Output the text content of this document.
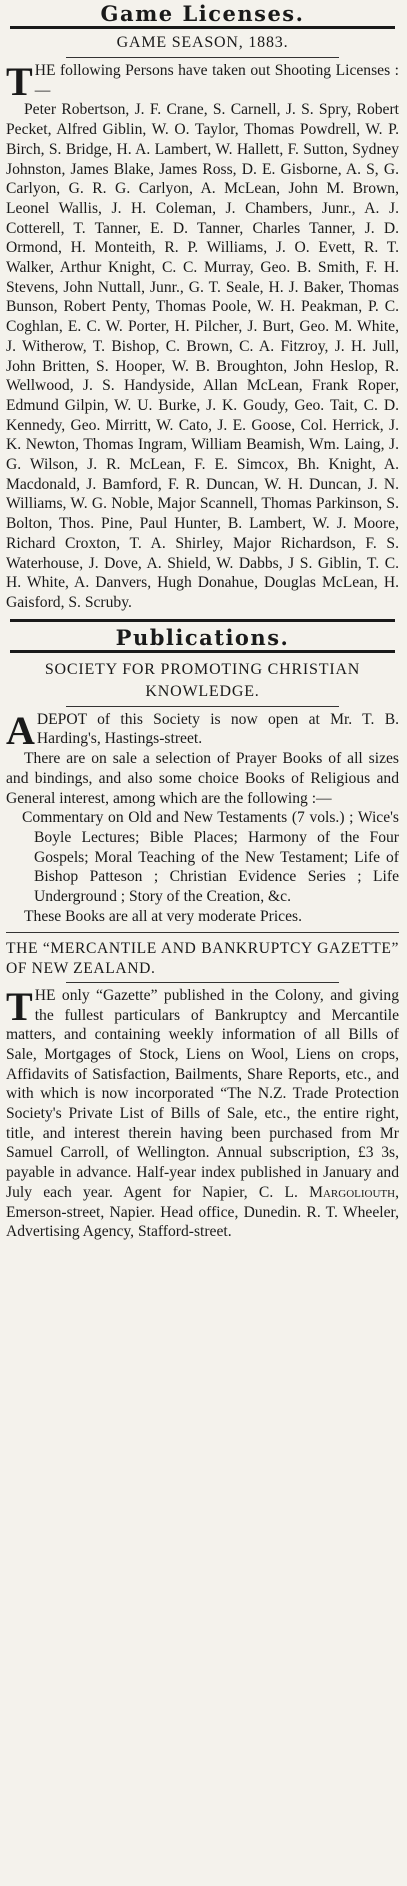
Game Licenses.
GAME SEASON, 1883.

THE following Persons have taken out Shooting Licenses :—

Peter Robertson, J. F. Crane, S. Carnell, J. S. Spry, Robert Pecket, Alfred Giblin, W. O. Taylor, Thomas Powdrell, W. P. Birch, S. Bridge, H. A. Lambert, W. Hallett, F. Sutton, Sydney Johnston, James Blake, James Ross, D. E. Gisborne, A. S, G. Carlyon, G. R. G. Carlyon, A. McLean, John M. Brown, Leonel Wallis, J. H. Coleman, J. Chambers, Junr., A. J. Cotterell, T. Tanner, E. D. Tanner, Charles Tanner, J. D. Ormond, H. Monteith, R. P. Williams, J. O. Evett, R. T. Walker, Arthur Knight, C. C. Murray, Geo. B. Smith, F. H. Stevens, John Nuttall, Junr., G. T. Seale, H. J. Baker, Thomas Bunson, Robert Penty, Thomas Poole, W. H. Peakman, P. C. Coghlan, E. C. W. Porter, H. Pilcher, J. Burt, Geo. M. White, J. Witherow, T. Bishop, C. Brown, C. A. Fitzroy, J. H. Jull, John Britten, S. Hooper, W. B. Broughton, John Heslop, R. Wellwood, J. S. Handyside, Allan McLean, Frank Roper, Edmund Gilpin, W. U. Burke, J. K. Goudy, Geo. Tait, C. D. Kennedy, Geo. Mirritt, W. Cato, J. E. Goose, Col. Herrick, J. K. Newton, Thomas Ingram, William Beamish, Wm. Laing, J. G. Wilson, J. R. McLean, F. E. Simcox, Bh. Knight, A. Macdonald, J. Bamford, F. R. Duncan, W. H. Duncan, J. N. Williams, W. G. Noble, Major Scannell, Thomas Parkinson, S. Bolton, Thos. Pine, Paul Hunter, B. Lambert, W. J. Moore, Richard Croxton, T. A. Shirley, Major Richardson, F. S. Waterhouse, J. Dove, A. Shield, W. Dabbs, J S. Giblin, T. C. H. White, A. Danvers, Hugh Donahue, Douglas McLean, H. Gaisford, S. Scruby.

Publications.
SOCIETY FOR PROMOTING CHRISTIAN KNOWLEDGE.

ADEPOT of this Society is now open at Mr. T. B. Harding's, Hastings-street.

There are on sale a selection of Prayer Books of all sizes and bindings, and also some choice Books of Religious and General interest, among which are the following :—

Commentary on Old and New Testaments (7 vols.) ; Wice's Boyle Lectures; Bible Places; Harmony of the Four Gospels; Moral Teaching of the New Testament; Life of Bishop Patteson ; Christian Evidence Series ; Life Underground ; Story of the Creation, &c.

These Books are all at very moderate Prices.

THE “MERCANTILE AND BANKRUPTCY GAZETTE” OF NEW ZEALAND.

THE only “Gazette” published in the Colony, and giving the fullest particulars of Bankruptcy and Mercantile matters, and containing weekly information of all Bills of Sale, Mortgages of Stock, Liens on Wool, Liens on crops, Affidavits of Satisfaction, Bailments, Share Reports, etc., and with which is now incorporated “The N.Z. Trade Protection Society's Private List of Bills of Sale, etc., the entire right, title, and interest therein having been purchased from Mr Samuel Carroll, of Wellington. Annual subscription, £3 3s, payable in advance. Half-year index published in January and July each year. Agent for Napier, C. L. Margoliouth, Emerson-street, Napier. Head office, Dunedin. R. T. Wheeler, Advertising Agency, Stafford-street.
